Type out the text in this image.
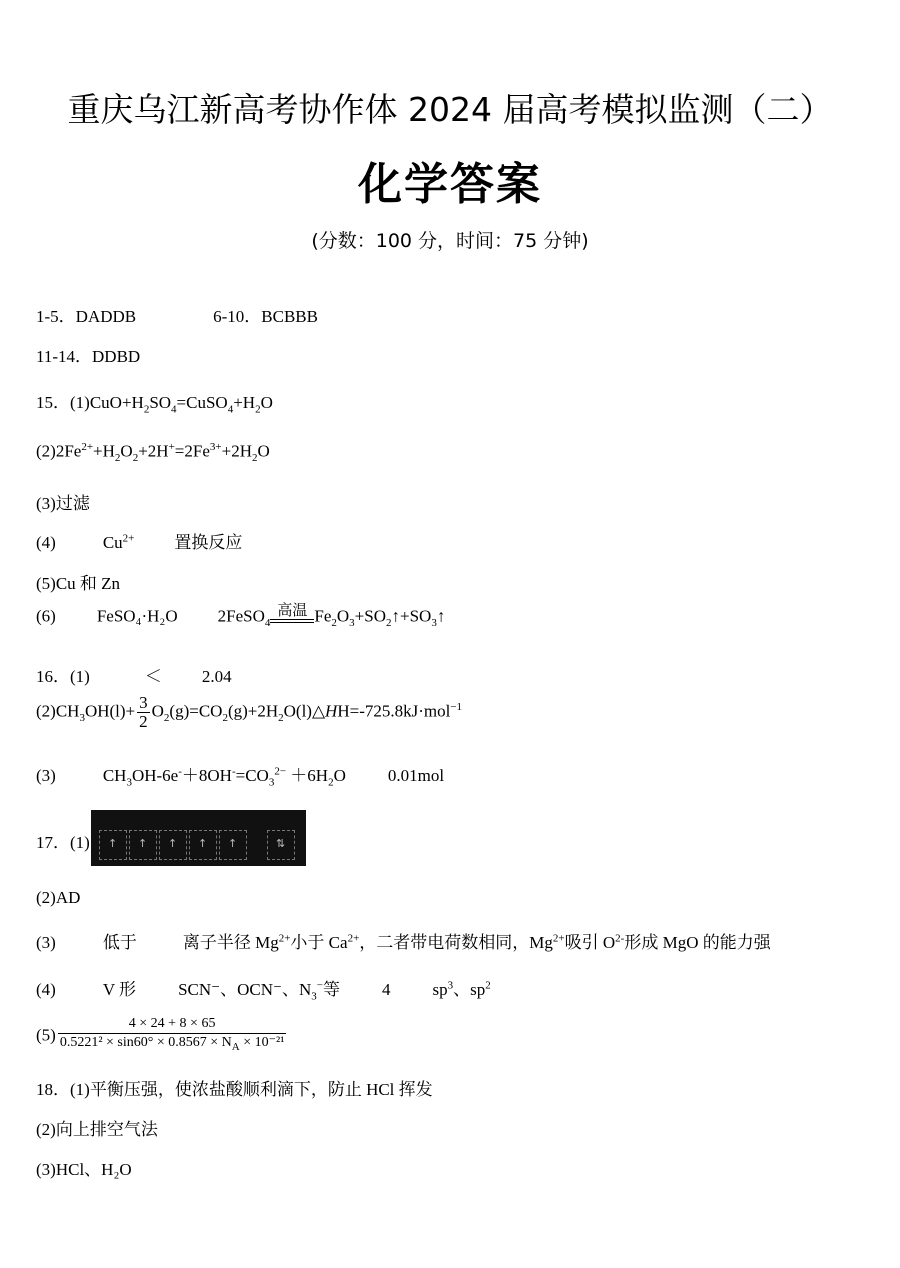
重庆乌江新高考协作体 2024 届高考模拟监测（二）
化学答案
(分数：100 分，时间：75 分钟)
1-5．DADDB	6-10．BCBBB
11-14．DDBD
15．$(1)CuO+H_2SO_4=CuSO_4+H_2O$
$(2)2Fe^{2+}+H_2O_2+2H^+=2Fe^{3+}+2H_2O$
(3)过滤
(4)	$Cu^{2+}$ 置换反应
(5)Cu 和 Zn
(6) FeSO₄·H₂O 2FeSO$_4$
高温 $Fe_2O_3+SO_2↑+SO_3↑$
16．(1)	＜ 2.04
$(2)CH_3OH(l)+ \frac{3}{2}$ $O_2(g)=CO_2(g)+2H_2O(l)\triangle HH=-725.8kJ\cdot mol^{-1}$
(3)	$CH_3OH-6e^-+8OH^-=CO_3^{2-} +6H_2O$ 0.01mol
17．(1) ↑ ↑ ↑ ↑ ↑	⇅
(2)AD
(3)	低于	离子半径 $Mg^{2+}$小于 $Ca^{2+}$，二者带电荷数相同，$Mg^{2+}$吸引 $O^{2-}$形成 MgO 的能力强
(4)	V 形 SCN⁻、OCN⁻、$N_3^-$等 4 $sp^3$、$sp^2$
$(5) \frac{4 \times 24 + 8 \times 65}{0.5221^2 \times \sin 60^\circ \times 0.8567 \times N_A \times 10^{-21}}$
18．(1)平衡压强，使浓盐酸顺利滴下，防止 HCl 挥发
(2)向上排空气法
(3)HCl、H₂O
